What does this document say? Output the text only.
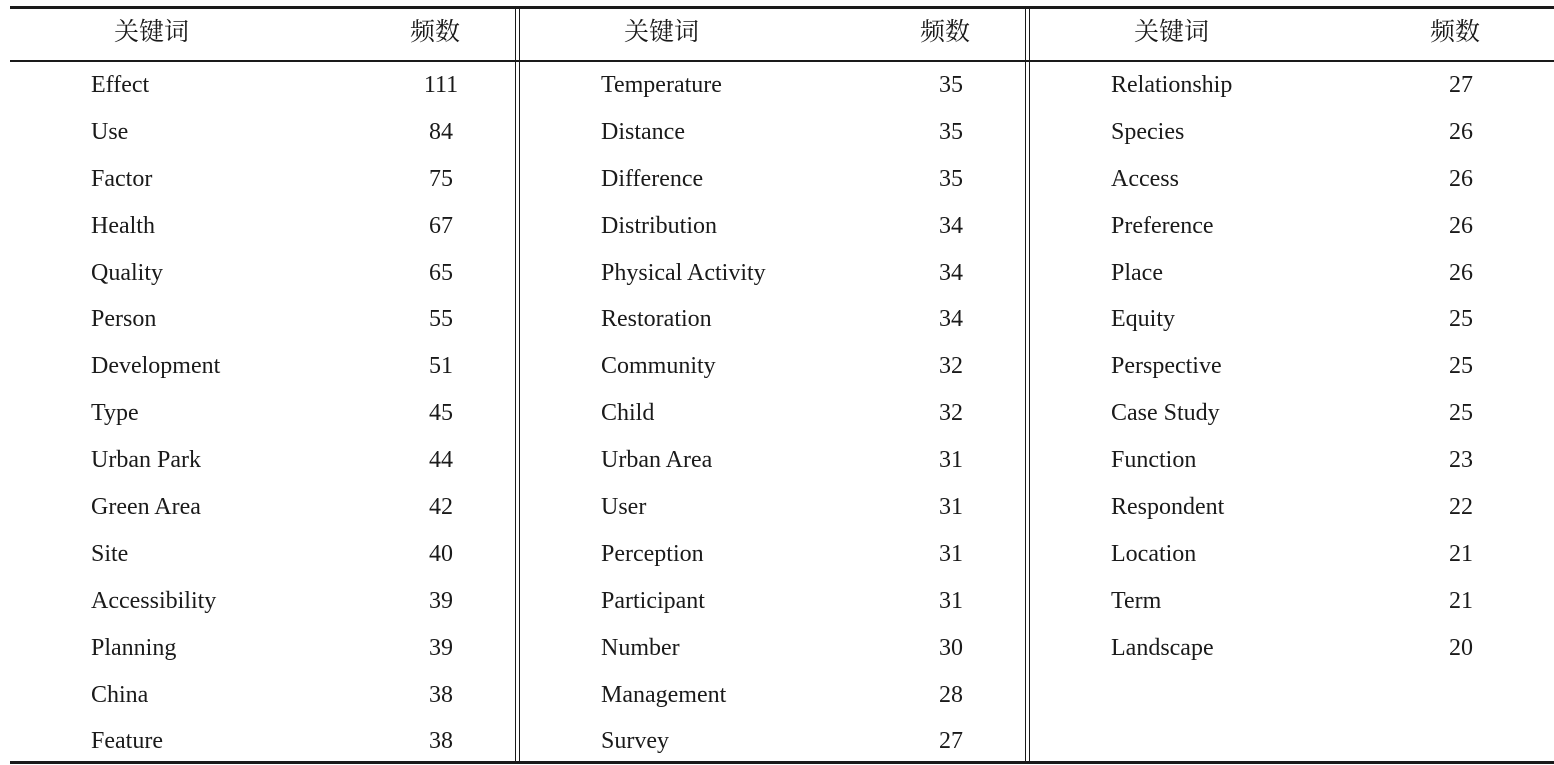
关键词	频数
Effect	111
Use	84
Factor	75
Health	67
Quality	65
Person	55
Development	51
Type	45
Urban Park	44
Green Area	42
Site	40
Accessibility	39
Planning	39
China	38
Feature	38
关键词	频数
Temperature	35
Distance	35
Difference	35
Distribution	34
Physical Activity	34
Restoration	34
Community	32
Child	32
Urban Area	31
User	31
Perception	31
Participant	31
Number	30
Management	28
Survey	27
关键词	频数
Relationship	27
Species	26
Access	26
Preference	26
Place	26
Equity	25
Perspective	25
Case Study	25
Function	23
Respondent	22
Location	21
Term	21
Landscape	20
